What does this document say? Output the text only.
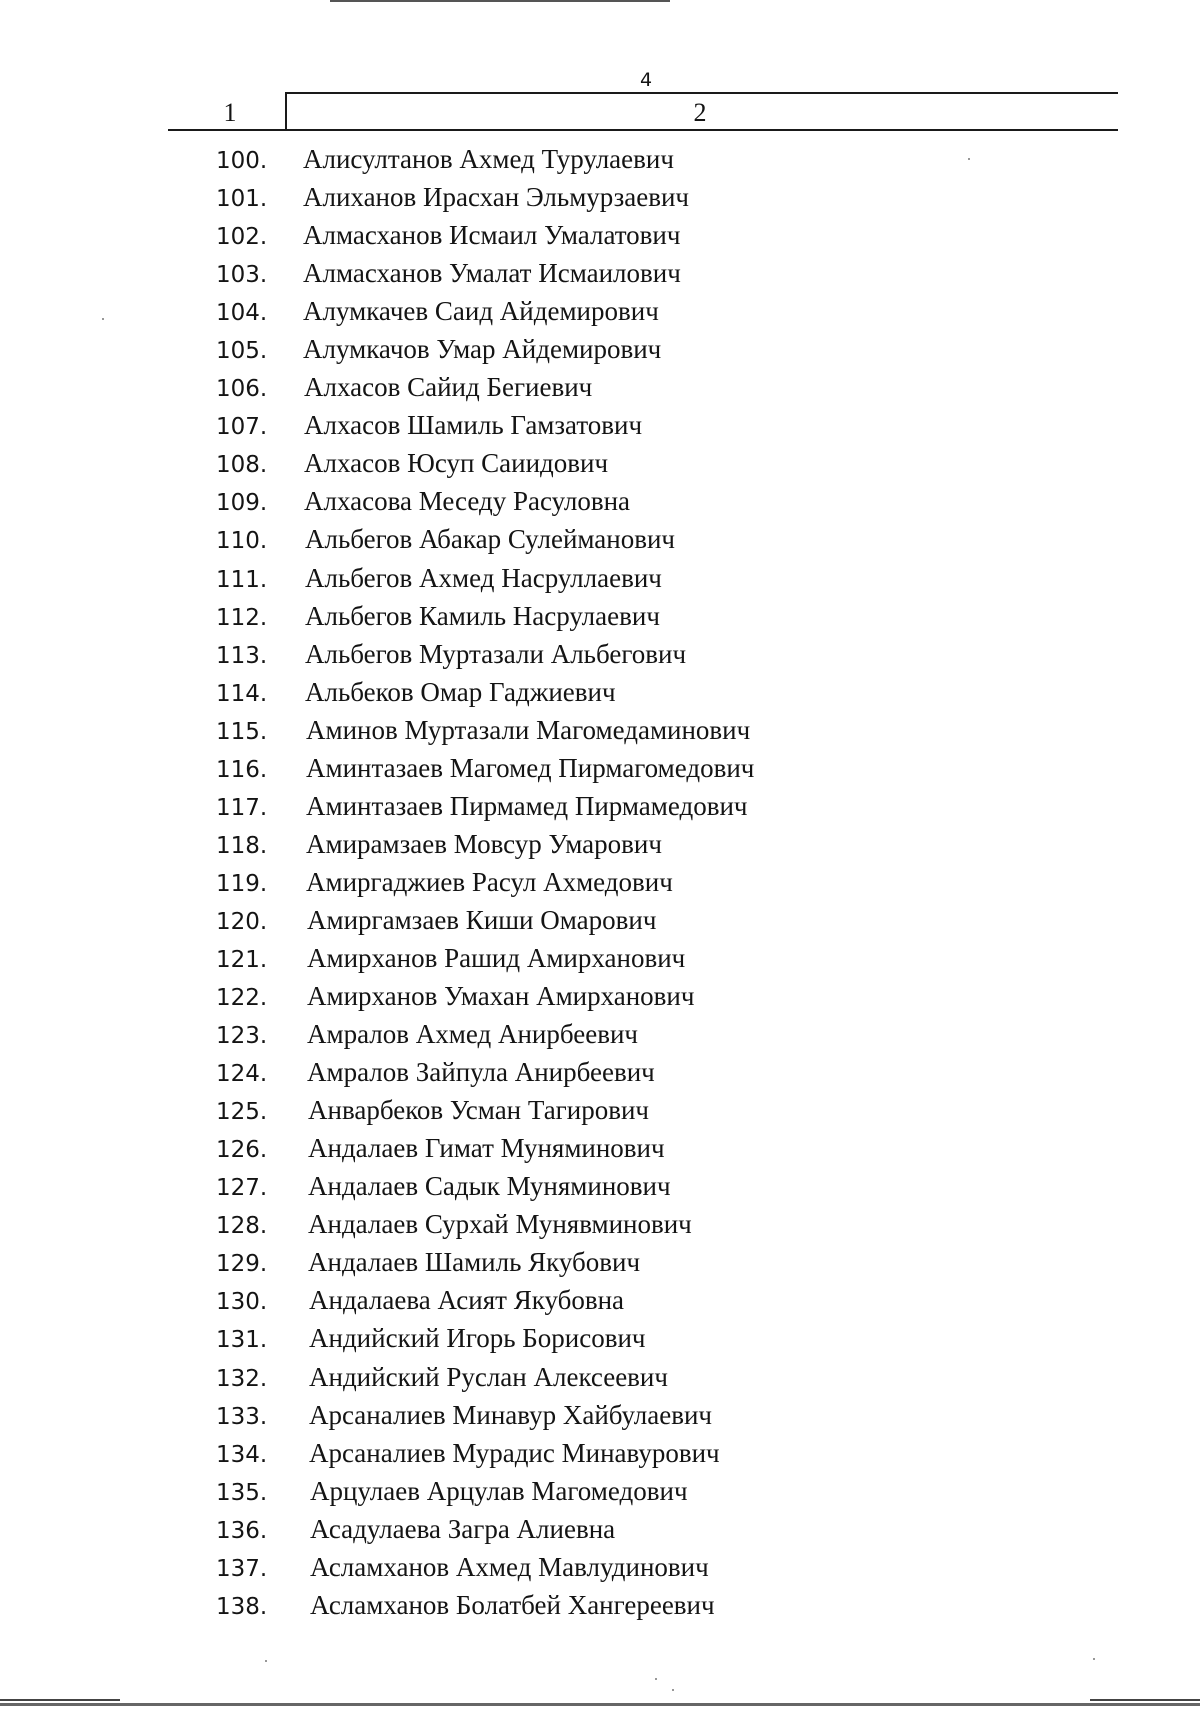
4
1	2
100. Алисултанов Ахмед Турулаевич
101. Алиханов Ирасхан Эльмурзаевич
102. Алмасханов Исмаил Умалатович
103. Алмасханов Умалат Исмаилович
104. Алумкачев Саид Айдемирович
105. Алумкачов Умар Айдемирович
106. Алхасов Сайид Бегиевич
107. Алхасов Шамиль Гамзатович
108. Алхасов Юсуп Саиидович
109. Алхасова Меседу Расуловна
110. Альбегов Абакар Сулейманович
111. Альбегов Ахмед Насруллаевич
112. Альбегов Камиль Насрулаевич
113. Альбегов Муртазали Альбегович
114. Альбеков Омар Гаджиевич
115. Аминов Муртазали Магомедаминович
116. Аминтазаев Магомед Пирмагомедович
117. Аминтазаев Пирмамед Пирмамедович
118. Амирамзаев Мовсур Умарович
119. Амиргаджиев Расул Ахмедович
120. Амиргамзаев Киши Омарович
121. Амирханов Рашид Амирханович
122. Амирханов Умахан Амирханович
123. Амралов Ахмед Анирбеевич
124. Амралов Зайпула Анирбеевич
125. Анварбеков Усман Тагирович
126. Андалаев Гимат Муняминович
127. Андалаев Садык Муняминович
128. Андалаев Сурхай Мунявминович
129. Андалаев Шамиль Якубович
130. Андалаева Асият Якубовна
131. Андийский Игорь Борисович
132. Андийский Руслан Алексеевич
133. Арсаналиев Минавур Хайбулаевич
134. Арсаналиев Мурадис Минавурович
135. Арцулаев Арцулав Магомедович
136. Асадулаева Загра Алиевна
137. Асламханов Ахмед Мавлудинович
138. Асламханов Болатбей Хангереевич
